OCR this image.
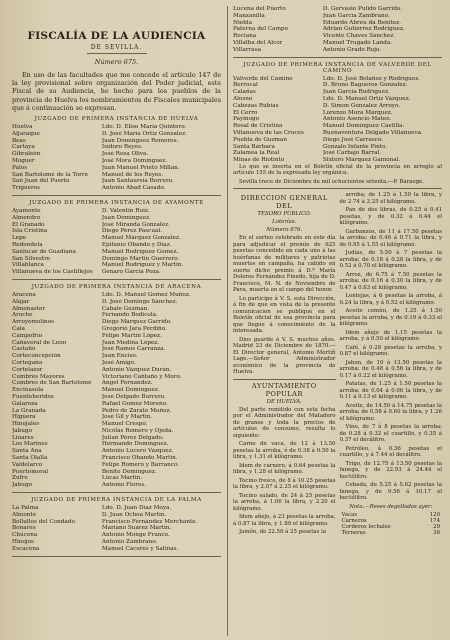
FISCALÍA DE LA AUDIENCIA
DE SEVILLA.
Número 675.

En uso de las facultades que me concede el artículo 147 de la ley provisional sobre organización del Poder judicial, este Fiscal de su Audiencia, he hecho para los pueblos de la provincia de Huelva los nombramientos de Fiscales municipales que á continuación se expresan.

JUZGADO DE PRIMERA INSTANCIA DE HUELVA
Huelva	Ldo. D. Eliso María Quintero.
Aljaraque	D. José María Ortiz Gonzalez.
Beas	Juan Domínguez Romeros.
Cartaya	Isidoro Reyes.
Gibraleón	José Rosa Oliva.
Moguer	José Mora Domínguez.
Palos	Juan Manuel Prieto Millan.
San Bartolomé de la Torre	Manuel de los Reyes.
San Juan del Puerto	Juan Santaursia Borrero.
Trigueros	Antonio Abad Casado.
JUZGADO DE PRIMERA INSTANCIA DE AYAMONTE
Ayamonte	D. Valentin Ruiz.
Almendro	Juan Domínguez.
El Granado	José Miranda Gonzalez.
Isla Cristina	Diego Pérez Pascual.
Lepe	Manuel Márquez Gonzalez.
Redondela	Epifanio Obando y Díaz.
Sanlúcar de Guadiana	Manuel Rodríguez Gomez.
San Silvestre	Domingo Martin Guerrero.
Villablanca	Manuel Rodríguez y Martin.
Villanueva de los Castillejos	Genaro García Poza.
JUZGADO DE PRIMERA INSTANCIA DE ARACENA
Aracena	Ldo. D. Manuel Gomez Muñoz.
Alájar	D. José Domingo Sánchez.
Almonaster	Cabale Guzman.
Aroche	Fernando Bodicola.
Arroyomolinos	Diego Márquez Garrido.
Cala	Gregorio Jara Perdiño.
Campofrío	Felipe Martin López.
Cañaveral de León	Juan Medina López.
Castaño	José Ramos Carranza.
Corteconcepción	Juan Enciso.
Cortegana	José Amigo.
Cortelazor	Antonio Vázquez Durán.
Cumbres Mayores	Victoriano Cantaño y Moro.
Cumbres de San Bartolomé	Angel Fernandez.
Encinasola	Manuel Domínguez.
Fuenteheridos	José Delgado Burrero.
Galaroza	Rafael Gomez Moreno.
La Granada	Pedro de Zárate Muñoz.
Higuera	José Gil y Martin.
Hinojales	Manuel Crespo.
Jabugo	Nicolás Romero y Ojeda.
Linares	Julian Pérez Delgado.
Los Marines	Hermando Domínguez.
Santa Ana	Antonio Lucero Vázquez.
Santa Olalla	Francisco Obando Martin.
Valdelarco	Felipe Romero y Barranco.
Puertomoral	Benito Domínguez.
Zufre	Lúcas Martin.
Jabugo	Antonio Flores.
JUZGADO DE PRIMERA INSTANCIA DE LA PALMA
La Palma	Ldo. D. Juan Díaz Moya.
Almonte	D. Juan Ochoa Martin.
Bollullos del Condado	Francisco Fernández Merchante.
Bonares	Mariano Suárez Martin.
Chucena	Antonio Monge Franco.
Hinojos	Antonio Zambrano.
Escacena	Manuel Cáceres y Salinas.
Lucena del Puerto	D. Gervasio Pulido Garrido.
Manzanilla	Juan García Zambrano.
Niebla	Eduardo Abreu da Benitez.
Paterna del Campo	Adrian Gutiérrez Rodríguez.
Rociana	Vicente Chaves Sánchez.
Villalba del Alcor	Manuel Trugado Landa.
Villarrasa	Antonio Grado Rojo.
JUZGADO DE PRIMERA INSTANCIA DE VALVERDE DEL CAMINO
Valverde del Camino	Ldo. D. José Bolaños y Rodríguez.
Berrocal	D. Bruno Bagueros Gonzalez.
Calañas	Juan García Rodríguez.
Alosno	Ldo. D. Manuel Ortiz Vázquez.
Cabezas Rubias	D. Simon Gonzalez Arroyo.
El Cerro	Lorenzo Mora Márquez.
Paymogo	Antonio Asencio Mateo.
Rosal de Cristina	Manuel Domínguez Castilla.
Villanueva de las Cruces	Buenaventura Delgado Villanueva.
Puebla de Guzman	Diego José Carrasco.
Santa Bárbara	Gonzalo Infante Pinto.
Zalamea la Real	José Carbajo Barral.
Minas de Riotinto	Sixtero Márquez Gamonal.

Lo que se inserta en el Boletín oficial de la provincia en arreglo al artículo 155 de la expresada ley orgánica.

Sevilla trece de Diciembre de mil ochocientos setenta.—P. Baraoge.

DIRECCION GENERAL DEL
TESORO PÚBLICO.
Loterías.
Número 676.

En el sorteo celebrado en este día para adjudicar el premio de 625 pesetas concedido en cada uno á las huérfanas de militares y patriotas muertos en campaña, ha cabido en suerte dicho premio á D.ª María Dolores Fernández Pinedo, hija de D. Francisco, M. N. de Noviembre de Pava, muerta en el campo del honor.

Lo participo á V. S. esta Dirección, á fin de que en vista de la presente comunicacion se publique en el Boletín oficial de esa provincia para que llegue á conocimiento de la interesada.

Dios guarde á V. S. muchos años. Madrid 23 de Diciembre de 1870.—El Director general, Antonio Mortiñ Lage.—Señor Administrador económico de la provincia de Huelva.

AYUNTAMIENTO POPULAR
DE HUELVA.

Del parte remitido con esta fecha por el Administrador del Matadero de granos y toda la precios de artículos de consumo, resulta lo siguiente:

Carne de vaca, de 12 á 13.50 pesetas la arroba, ó de 0.38 á 0.50 la libra, y 1.31 el kilógramo.

Idem de carnero, á 0.64 pesetas la libra, y 1.28 el kilógramo.

Tocino fresco, de 8 á 10.25 pesetas la libra, y 2.07 á 2.25 el kilógramo.

Tocino salado, de 24 á 25 pesetas la arroba, á 1.06 la libra, y 2.20 el kilógramo.

Idem añejo, á 23 pesetas la arroba, á 0.87 la libra, y 1.89 el kilógramo.

Jamón, de 22.50 á 25 pesetas la

arroba; de 1.25 á 1.50 la libra, y de 2.74 á 3.25 el kilógramo.

Pan de dos libras, de 0.25 á 0.41 pesetas, y de 0.32 á 0.44 el kilógramo.

Garbanzos, de 11 á 17.50 pesetas la arroba; de 0.46 á 0.71 la libra, y de 0.95 á 1.55 el kilógramo.

Judías, de 5.50 á 7 pesetas la arroba; de 0.18 á 0.28 la libra, y de 0.52 á 0.70 el kilógramo.

Arroz, de 6.75 á 7.50 pesetas la arroba; de 0.16 á 0.30 la libra, y de 0.47 á 0.63 el kilógramo.

Lentejas, á 6 pesetas la arroba, á 0.24 la libra, y á 0.52 el kilógramo.

Aceite común, de 1.25 á 1.50 pesetas la arroba, y de 0.19 á 0.33 el kilógramo.

Idem añejo de 1.15 pesetas la arroba, y á 0.50 el kilógramo.

Café, á 0.28 pesetas la arroba, y 0.87 el kilógramo.

Jabon, de 10 á 13.50 pesetas la arroba; de 0.48 á 0.56 la libra, y de 0.17 á 0.22 el kilógramo.

Patatas, de 1.25 á 1.50 pesetas la arroba; de 0.04 á 0.06 la libra, y de 0.11 á 0.13 el kilógramo.

Aceite, de 14.50 á 14.75 pesetas la arroba; de 0.58 á 0.60 la libra, y 1.26 el kilógramo.

Vino, de 7 á 8 pesetas la arroba; de 0.28 á 0.32 el cuartillo, y 0.35 á 0.37 el decálitro.

Petróleo, á 0.36 pesetas el cuartillo, y á 7.44 el decálitro.

Trigo, de 12.75 á 13.50 pesetas la fanega, y de 22.93 á 24.44 el hectólitro.

Cebada, de 5.25 á 5.62 pesetas la fanega, y de 9.56 á 10.17 el hectólitro.

Nota.—Reses degolladas ayer:
Vacas	120
Carneros	174
Corderos lechales	29
Terneras	36
